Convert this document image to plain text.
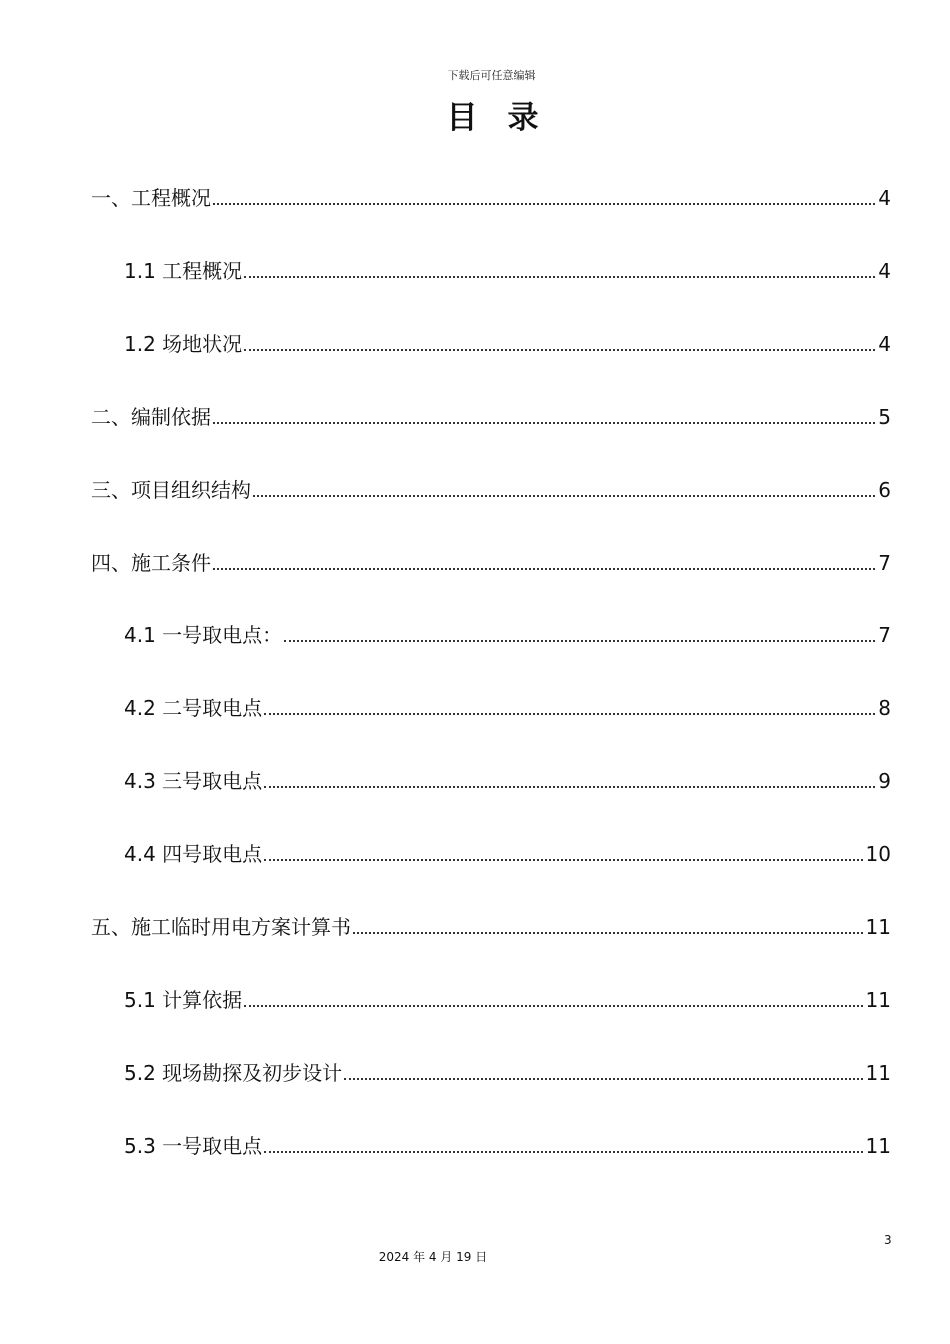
下载后可任意编辑
目 录
一、工程概况	4
1.1 工程概况	4
1.2 场地状况	4
二、编制依据	5
三、项目组织结构	6
四、施工条件	7
4.1 一号取电点：	7
4.2 二号取电点	8
4.3 三号取电点	9
4.4 四号取电点	10
五、施工临时用电方案计算书	11
5.1 计算依据	11
5.2 现场勘探及初步设计	11
5.3 一号取电点	11
3
2024 年 4 月 19 日
